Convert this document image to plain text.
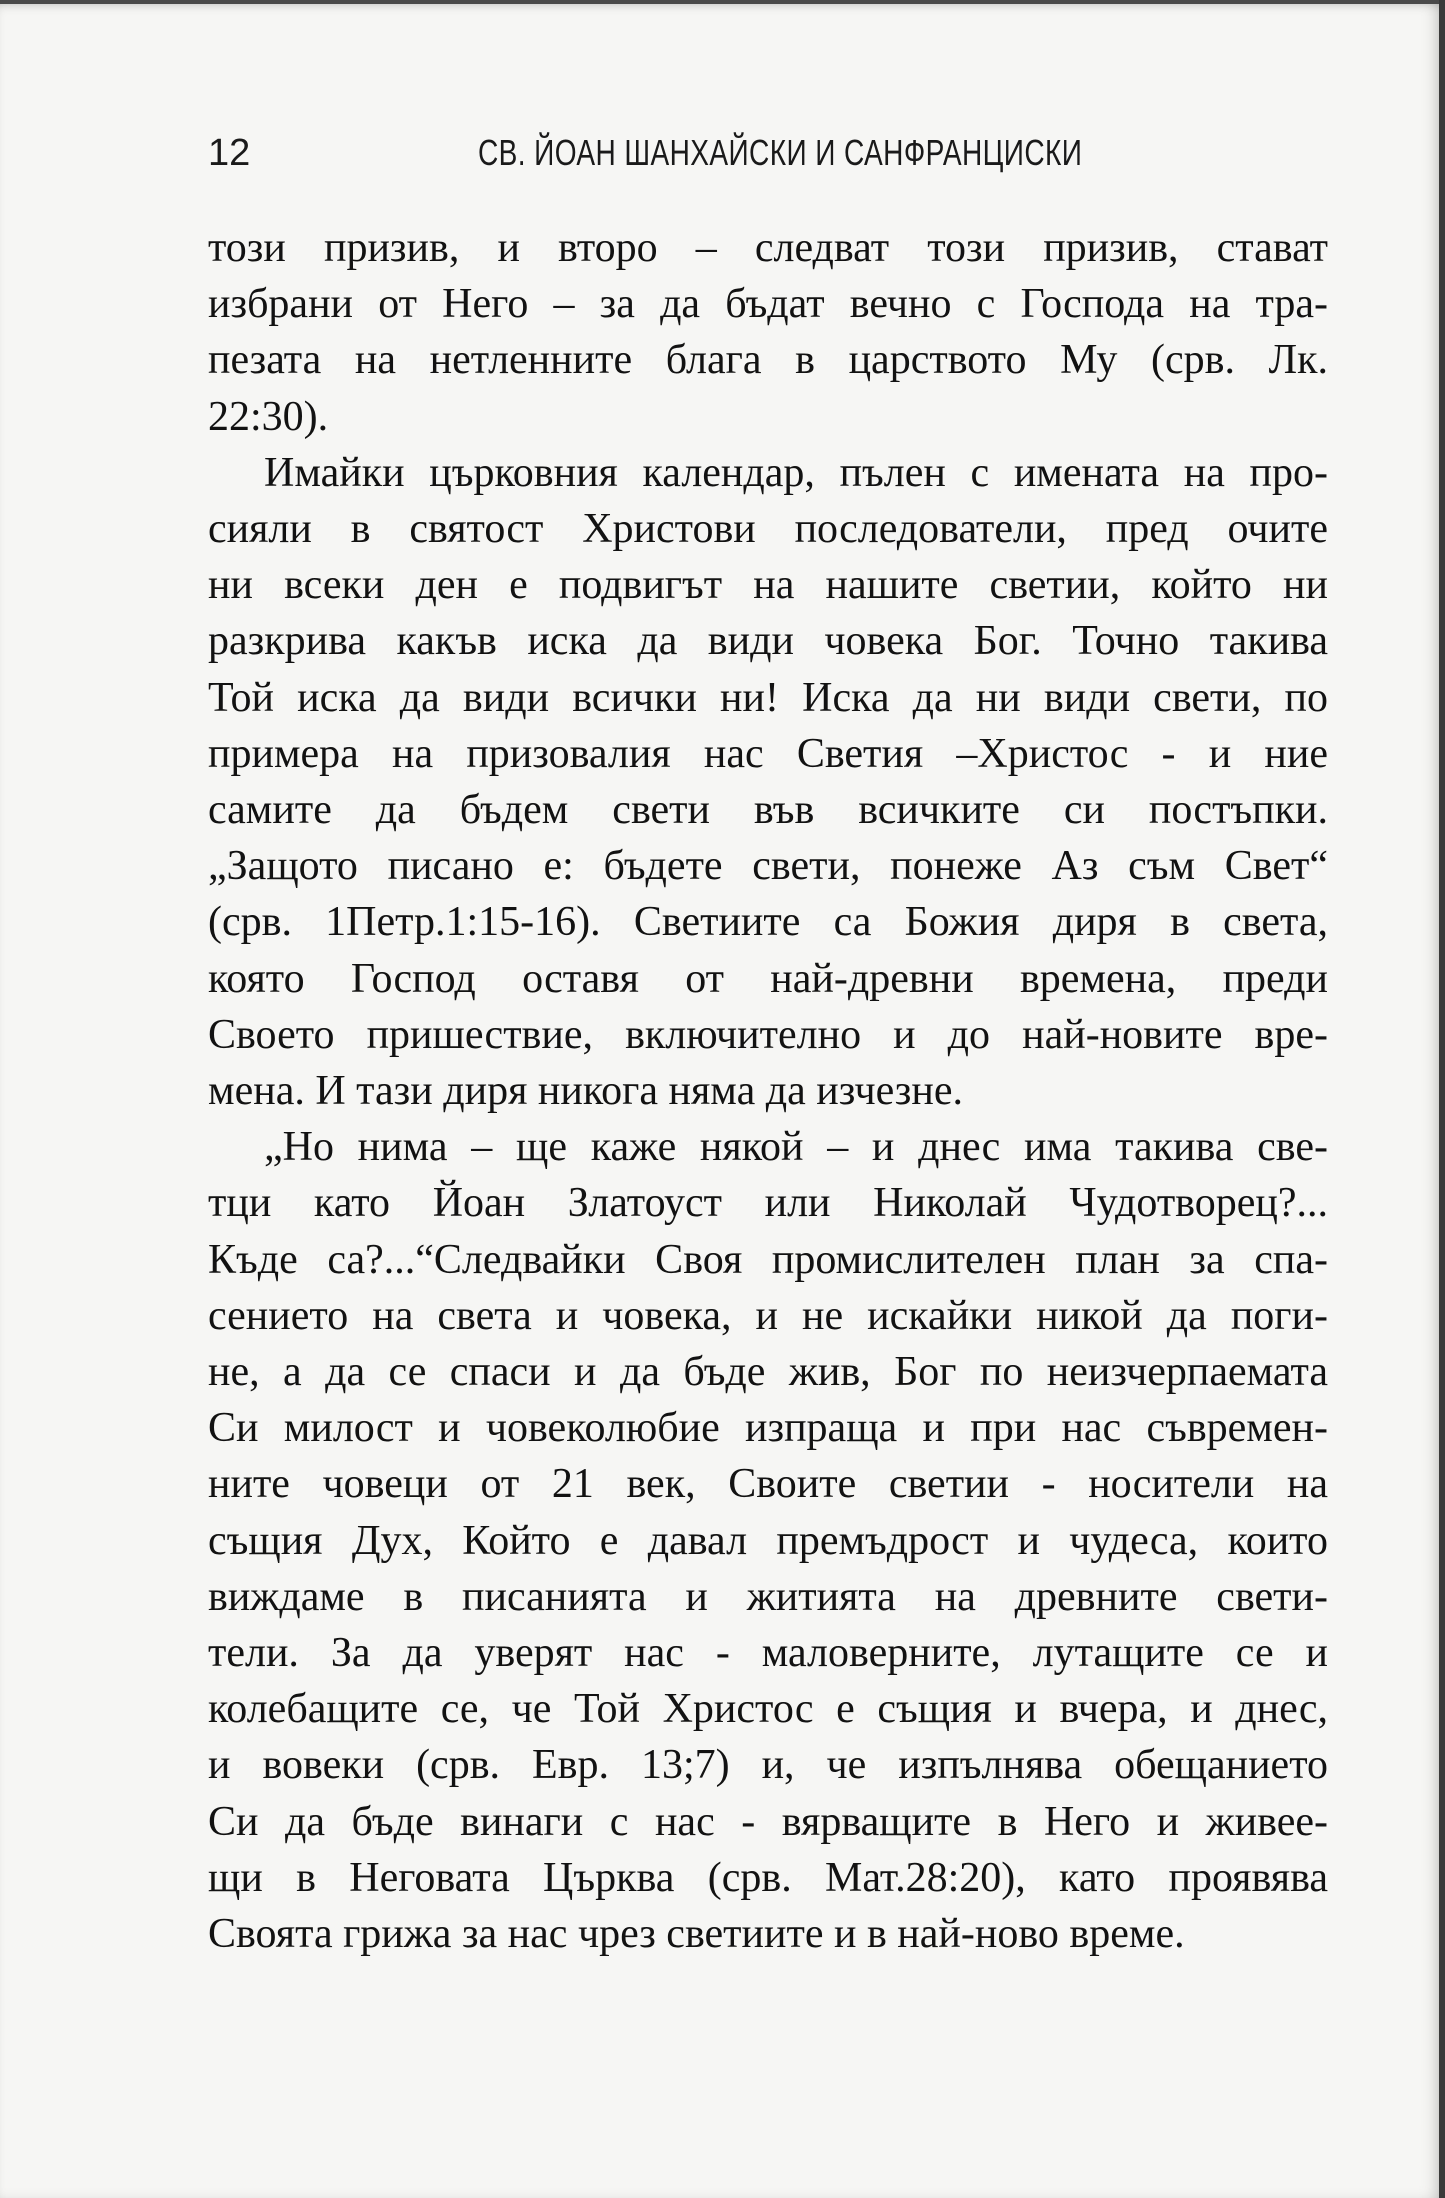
12	СВ. ЙОАН ШАНХАЙСКИ И САНФРАНЦИСКИ

този призив, и второ – следват този призив, стават
избрани от Него – за да бъдат вечно с Господа на тра-
пезата на нетленните блага в царството Му (срв. Лк.
22:30).

Имайки църковния календар, пълен с имената на про-
сияли в святост Христови последователи, пред очите
ни всеки ден е подвигът на нашите светии, който ни
разкрива какъв иска да види човека Бог. Точно такива
Той иска да види всички ни! Иска да ни види свети, по
примера на призовалия нас Светия –Христос - и ние
самите да бъдем свети във всичките си постъпки.
„Защото писано е: бъдете свети, понеже Аз съм Свет“
(срв. 1Петр.1:15-16). Светиите са Божия диря в света,
която Господ оставя от най-древни времена, преди
Своето пришествие, включително и до най-новите вре-
мена. И тази диря никога няма да изчезне.

„Но нима – ще каже някой – и днес има такива све-
тци като Йоан Златоуст или Николай Чудотворец?...
Къде са?...“Следвайки Своя промислителен план за спа-
сението на света и човека, и не искайки никой да поги-
не, а да се спаси и да бъде жив, Бог по неизчерпаемата
Си милост и човеколюбие изпраща и при нас съвремен-
ните човеци от 21 век, Своите светии - носители на
същия Дух, Който е давал премъдрост и чудеса, които
виждаме в писанията и житията на древните свети-
тели. За да уверят нас - маловерните, лутащите се и
колебащите се, че Той Христос е същия и вчера, и днес,
и вовеки (срв. Евр. 13;7) и, че изпълнява обещанието
Си да бъде винаги с нас - вярващите в Него и живее-
щи в Неговата Църква (срв. Мат.28:20), като проявява
Своята грижа за нас чрез светиите и в най-ново време.
